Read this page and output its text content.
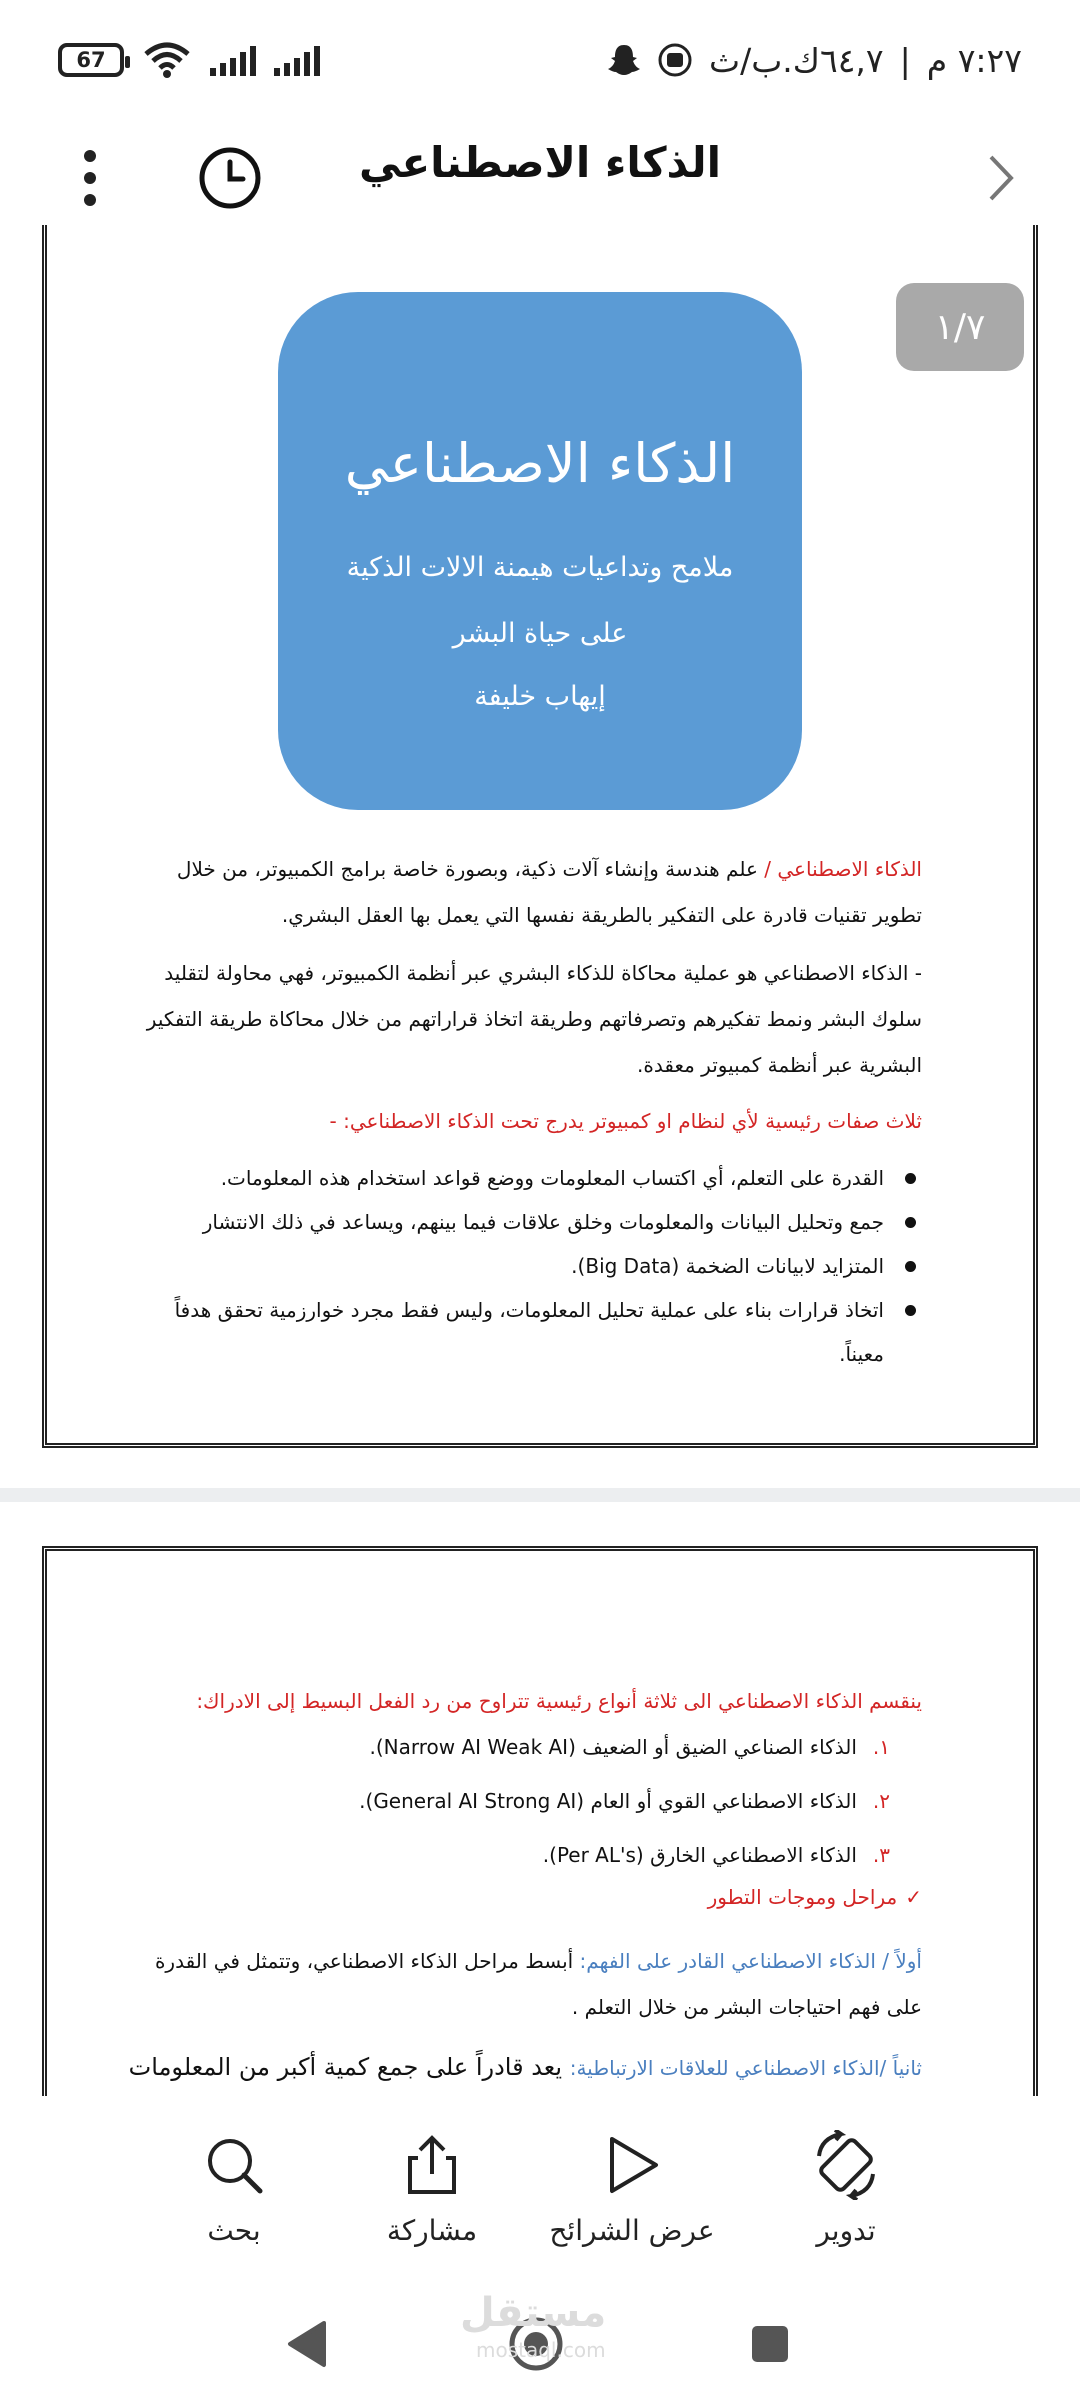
67	٧:٢٧ م
|
٦٤,٧ك.ب/ث
الذكاء الاصطناعي
١/٧
الذكاء الاصطناعي
ملامح وتداعيات هيمنة الالات الذكية
على حياة البشر
إيهاب خليفة
الذكاء الاصطناعي / علم هندسة وإنشاء آلات ذكية، وبصورة خاصة برامج الكمبيوتر، من خلال
تطوير تقنيات قادرة على التفكير بالطريقة نفسها التي يعمل بها العقل البشري.
- الذكاء الاصطناعي هو عملية محاكاة للذكاء البشري عبر أنظمة الكمبيوتر، فهي محاولة لتقليد
سلوك البشر ونمط تفكيرهم وتصرفاتهم وطريقة اتخاذ قراراتهم من خلال محاكاة طريقة التفكير
البشرية عبر أنظمة كمبيوتر معقدة.
ثلاث صفات رئيسية لأي لنظام او كمبيوتر يدرج تحت الذكاء الاصطناعي: -
القدرة على التعلم، أي اكتساب المعلومات ووضع قواعد استخدام هذه المعلومات.
جمع وتحليل البيانات والمعلومات وخلق علاقات فيما بينهم، ويساعد في ذلك الانتشار
المتزايد لابيانات الضخمة (Big Data).
اتخاذ قرارات بناء على عملية تحليل المعلومات، وليس فقط مجرد خوارزمية تحقق هدفاً معيناً.
ينقسم الذكاء الاصطناعي الى ثلاثة أنواع رئيسية تتراوح من رد الفعل البسيط إلى الادراك:
١.الذكاء الصناعي الضيق أو الضعيف (Narrow AI Weak AI).
٢.الذكاء الاصطناعي القوي أو العام (General AI Strong AI).
٣.الذكاء الاصطناعي الخارق (Per AL's).
✓مراحل وموجات التطور
أولاً / الذكاء الاصطناعي القادر على الفهم: أبسط مراحل الذكاء الاصطناعي، وتتمثل في القدرة
على فهم احتياجات البشر من خلال التعلم .
ثانياً /الذكاء الاصطناعي للعلاقات الارتباطية: يعد قادراً على جمع كمية أكبر من المعلومات
تدوير
عرض الشرائح
مشاركة
بحث
مستقل
mostaql.com
